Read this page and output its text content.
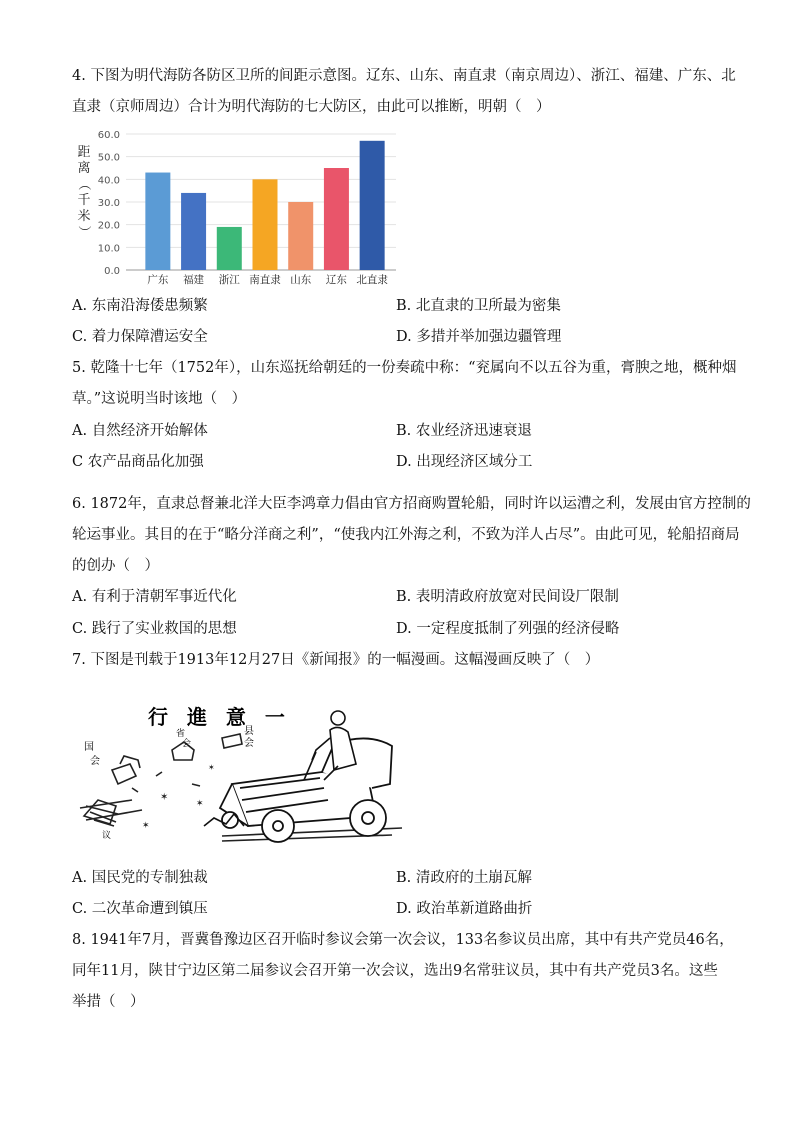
4. 下图为明代海防各防区卫所的间距示意图。辽东、山东、南直隶（南京周边）、浙江、福建、广东、北
直隶（京师周边）合计为明代海防的七大防区，由此可以推断，明朝（　）
0.0
10.0
20.0
30.0
40.0
50.0
60.0
广东 福建 浙江 南直隶 山东 辽东 北直隶
距
离
（
千
米
）
A. 东南沿海倭患频繁	B. 北直隶的卫所最为密集
C. 着力保障漕运安全	D. 多措并举加强边疆管理
5. 乾隆十七年（1752年），山东巡抚给朝廷的一份奏疏中称：“兖属向不以五谷为重，膏腴之地，概种烟
草。”这说明当时该地（　）
A. 自然经济开始解体	B. 农业经济迅速衰退
C 农产品商品化加强	D. 出现经济区域分工
6. 1872年，直隶总督兼北洋大臣李鸿章力倡由官方招商购置轮船，同时许以运漕之利，发展由官方控制的
轮运事业。其目的在于“略分洋商之利”，“使我内江外海之利，不致为洋人占尽”。由此可见，轮船招商局
的创办（　）
A. 有利于清朝军事近代化	B. 表明清政府放宽对民间设厂限制
C. 践行了实业救国的思想	D. 一定程度抵制了列强的经济侵略
7. 下图是刊载于1913年12月27日《新闻报》的一幅漫画。这幅漫画反映了（　）
行 進 意 一
国
会
省
会
县
会
议
✶
✶
✶
✶
A. 国民党的专制独裁	B. 清政府的土崩瓦解
C. 二次革命遭到镇压	D. 政治革新道路曲折
8. 1941年7月，晋冀鲁豫边区召开临时参议会第一次会议，133名参议员出席，其中有共产党员46名，
同年11月，陕甘宁边区第二届参议会召开第一次会议，选出9名常驻议员，其中有共产党员3名。这些
举措（　）
